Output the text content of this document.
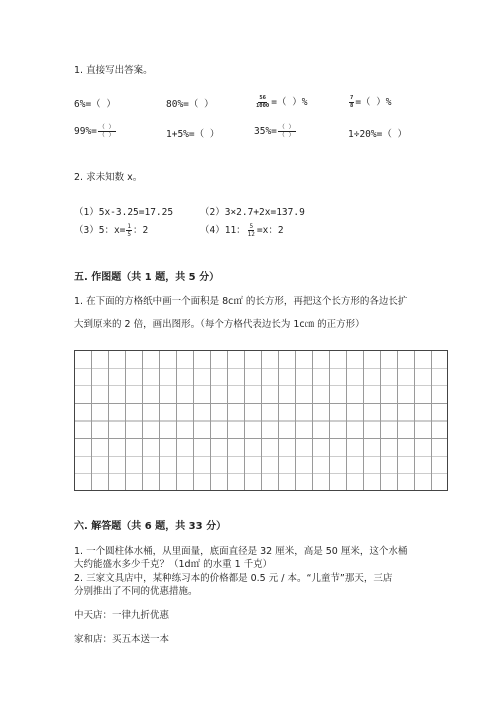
1. 直接写出答案。
6%=（ ）	80%=（ ）	$\frac{56}{1000}$ =（ ）%	$\frac{7}{8}$ =（ ）%
$99\%= \frac{( )}{( )}$	1+5%=（ ）	$35\%= \frac{( )}{( )}$	1÷20%=（ ）
2. 求未知数 x。
（1）5x-3.25=17.25	（2）3×2.7+2x=137.9
（3）5：$x= \frac{1}{5}$ ：2	（4）11： $\frac{5}{12} =x$：2
五. 作图题（共 1 题，共 5 分）
1. 在下面的方格纸中画一个面积是 8c㎡ 的长方形，再把这个长方形的各边长扩
大到原来的 2 倍，画出图形。（每个方格代表边长为 1c㎝ 的正方形）
六. 解答题（共 6 题，共 33 分）
1. 一个圆柱体水桶，从里面量，底面直径是 32 厘米，高是 50 厘米，这个水桶
大约能盛水多少千克？（1d㎡ 的水重 1 千克）
2. 三家文具店中，某种练习本的价格都是 0.5 元 / 本。“儿童节”那天，三店
分别推出了不同的优惠措施。
中天店：一律九折优惠
家和店：买五本送一本
